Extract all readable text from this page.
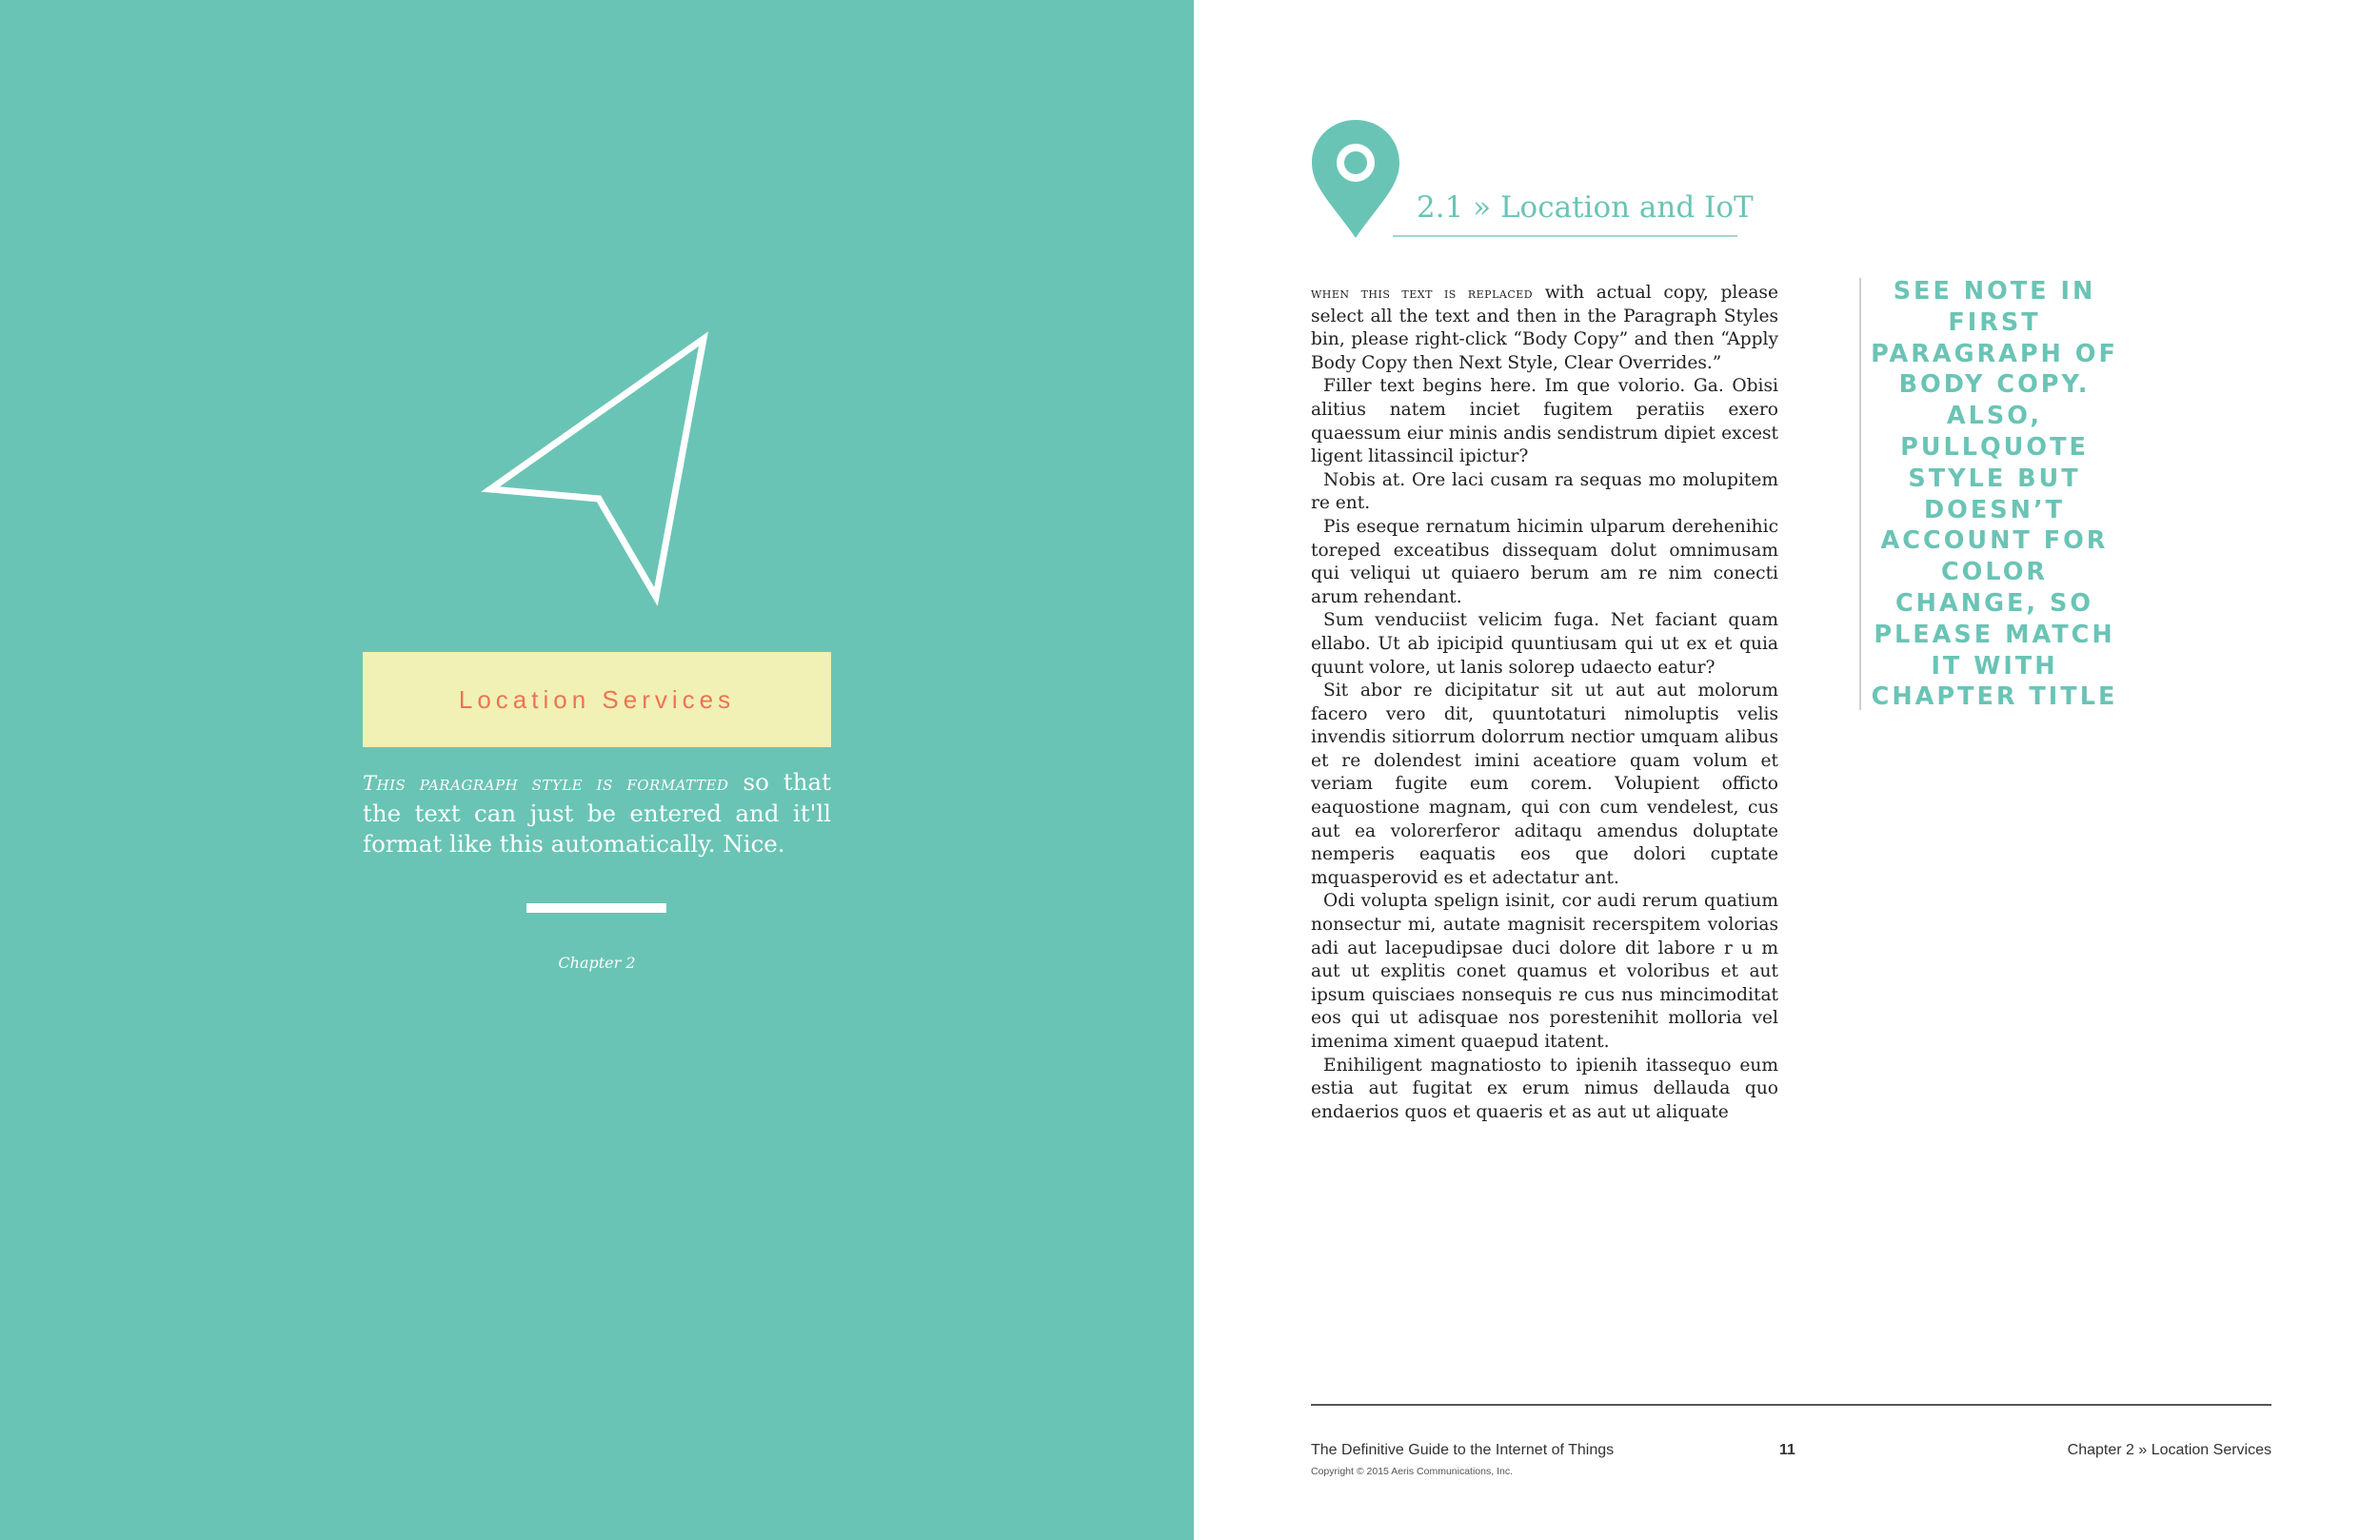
Location Services
This paragraph style is formatted so that the text can just be entered and it'll format like this automatically. Nice.
Chapter 2
2.1 » Location and IoT

when this text is replaced with actual copy, please select all the text and then in the Paragraph Styles bin, please right-click “Body Copy” and then “Apply Body Copy then Next Style, Clear Overrides.”

Filler text begins here. Im que volorio. Ga. Obisi alitius natem inciet fugitem peratiis exero quaessum eiur minis andis sendistrum dipiet excest ligent litassincil ipictur?

Nobis at. Ore laci cusam ra sequas mo molupitem re ent.

Pis eseque rernatum hicimin ulparum derehenihic toreped exceatibus dissequam dolut omnimusam qui veliqui ut quiaero berum am re nim conecti arum rehendant.

Sum venduciist velicim fuga. Net faciant quam ellabo. Ut ab ipicipid quuntiusam qui ut ex et quia quunt volore, ut lanis solorep udaecto eatur?

Sit abor re dicipitatur sit ut aut aut molorum facero vero dit, quuntotaturi nimoluptis velis invendis sitiorrum dolorrum nectior umquam alibus et re dolendest imini aceatiore quam volum et veriam fugite eum corem. Volupient officto eaquostione magnam, qui con cum vendelest, cus aut ea volorerferor aditaqu amendus doluptate nemperis eaquatis eos que dolori cuptate mquasperovid es et adectatur ant.

Odi volupta spelign isinit, cor audi rerum quatium nonsectur mi, autate magnisit recerspitem volorias adi aut lacepudipsae duci dolore dit labore r u m aut ut explitis conet quamus et voloribus et aut ipsum quisciaes nonsequis re cus nus mincimoditat eos qui ut adisquae nos porestenihit molloria vel imenima ximent quaepud itatent.

Enihiligent magnatiosto to ipienih itassequo eum estia aut fugitat ex erum nimus dellauda quo endaerios quos et quaeris et as aut ut aliquate

SEE NOTE IN FIRST PARAGRAPH OF BODY COPY. ALSO, PULLQUOTE STYLE BUT DOESN’T ACCOUNT FOR COLOR CHANGE, SO PLEASE MATCH IT WITH CHAPTER TITLE

The Definitive Guide to the Internet of Things
Copyright © 2015 Aeris Communications, Inc.
11	Chapter 2 » Location Services
